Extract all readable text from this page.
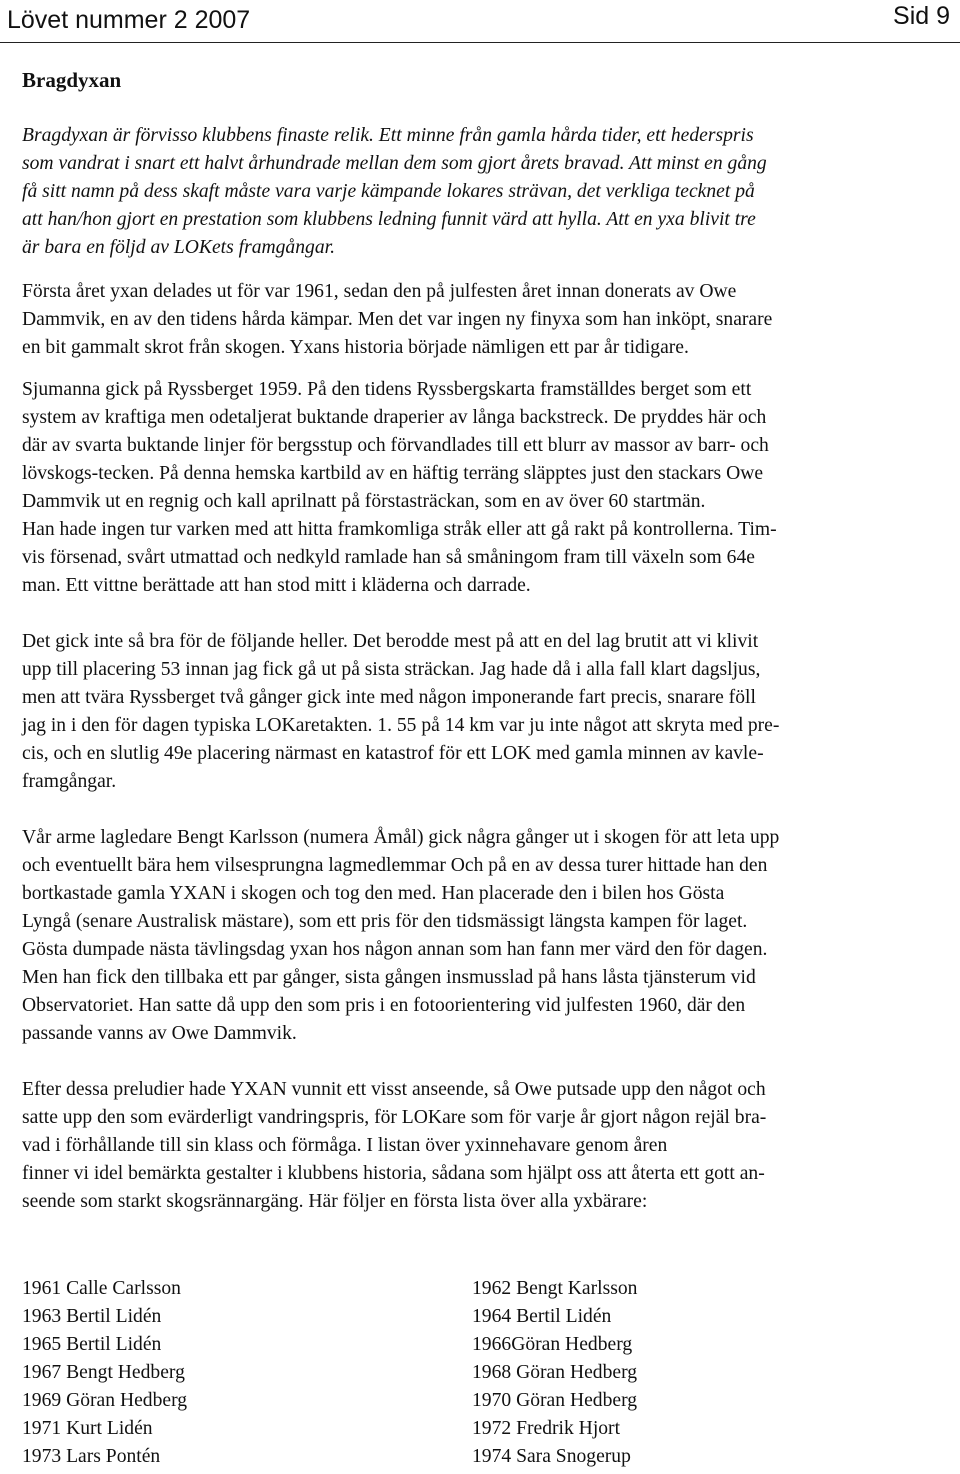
Lövet nummer 2 2007	Sid 9
Bragdyxan
Bragdyxan är förvisso klubbens finaste relik. Ett minne från gamla hårda tider, ett hederspris
som vandrat i snart ett halvt århundrade mellan dem som gjort årets bravad. Att minst en gång
få sitt namn på dess skaft måste vara varje kämpande lokares strävan, det verkliga tecknet på
att han/hon gjort en prestation som klubbens ledning funnit värd att hylla. Att en yxa blivit tre
är bara en följd av LOKets framgångar.
Första året yxan delades ut för var 1961, sedan den på julfesten året innan donerats av Owe
Dammvik, en av den tidens hårda kämpar. Men det var ingen ny finyxa som han inköpt, snarare
en bit gammalt skrot från skogen. Yxans historia började nämligen ett par år tidigare.
Sjumanna gick på Ryssberget 1959. På den tidens Ryssbergskarta framställdes berget som ett
system av kraftiga men odetaljerat buktande draperier av långa backstreck. De pryddes här och
där av svarta buktande linjer för bergsstup och förvandlades till ett blurr av massor av barr- och
lövskogs-tecken. På denna hemska kartbild av en häftig terräng släpptes just den stackars Owe
Dammvik ut en regnig och kall aprilnatt på förstasträckan, som en av över 60 startmän.
Han hade ingen tur varken med att hitta framkomliga stråk eller att gå rakt på kontrollerna. Tim-
vis försenad, svårt utmattad och nedkyld ramlade han så småningom fram till växeln som 64e
man. Ett vittne berättade att han stod mitt i kläderna och darrade.
Det gick inte så bra för de följande heller. Det berodde mest på att en del lag brutit att vi klivit
upp till placering 53 innan jag fick gå ut på sista sträckan. Jag hade då i alla fall klart dagsljus,
men att tvära Ryssberget två gånger gick inte med någon imponerande fart precis, snarare föll
jag in i den för dagen typiska LOKaretakten. 1. 55 på 14 km var ju inte något att skryta med pre-
cis, och en slutlig 49e placering närmast en katastrof för ett LOK med gamla minnen av kavle-
framgångar.
Vår arme lagledare Bengt Karlsson (numera Åmål) gick några gånger ut i skogen för att leta upp
och eventuellt bära hem vilsesprungna lagmedlemmar Och på en av dessa turer hittade han den
bortkastade gamla YXAN i skogen och tog den med. Han placerade den i bilen hos Gösta
Lyngå (senare Australisk mästare), som ett pris för den tidsmässigt längsta kampen för laget.
Gösta dumpade nästa tävlingsdag yxan hos någon annan som han fann mer värd den för dagen.
Men han fick den tillbaka ett par gånger, sista gången insmusslad på hans låsta tjänsterum vid
Observatoriet. Han satte då upp den som pris i en fotoorientering vid julfesten 1960, där den
passande vanns av Owe Dammvik.
Efter dessa preludier hade YXAN vunnit ett visst anseende, så Owe putsade upp den något och
satte upp den som evärderligt vandringspris, för LOKare som för varje år gjort någon rejäl bra-
vad i förhållande till sin klass och förmåga. I listan över yxinnehavare genom åren
finner vi idel bemärkta gestalter i klubbens historia, sådana som hjälpt oss att återta ett gott an-
seende som starkt skogsrännargäng. Här följer en första lista över alla yxbärare:
1961 Calle Carlsson	1962 Bengt Karlsson
1963 Bertil Lidén	1964 Bertil Lidén
1965 Bertil Lidén	1966Göran Hedberg
1967 Bengt Hedberg	1968 Göran Hedberg
1969 Göran Hedberg	1970 Göran Hedberg
1971 Kurt Lidén	1972 Fredrik Hjort
1973 Lars Pontén	1974 Sara Snogerup
